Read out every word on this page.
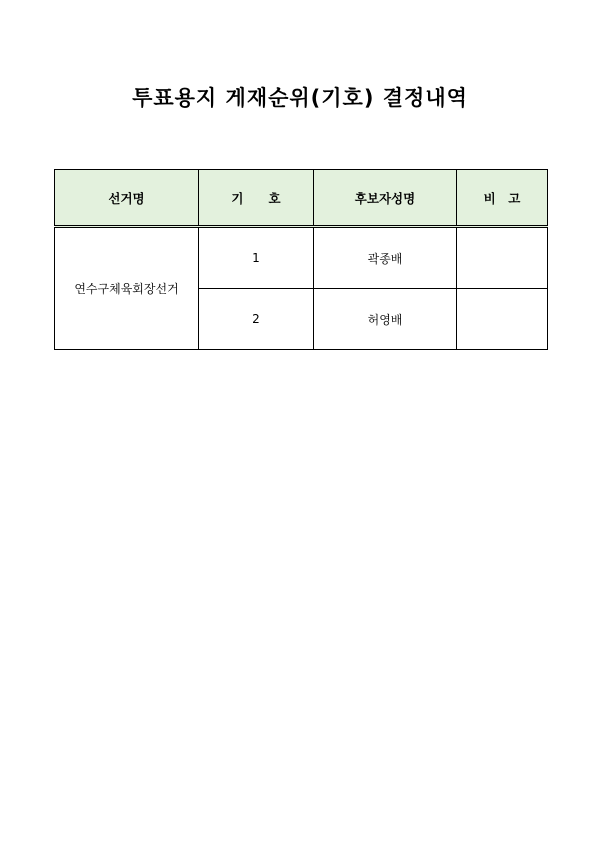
투표용지 게재순위(기호) 결정내역
선거명	기　　호	후보자성명	비　고
연수구체육회장선거	1	곽종배	
	2	허영배	
